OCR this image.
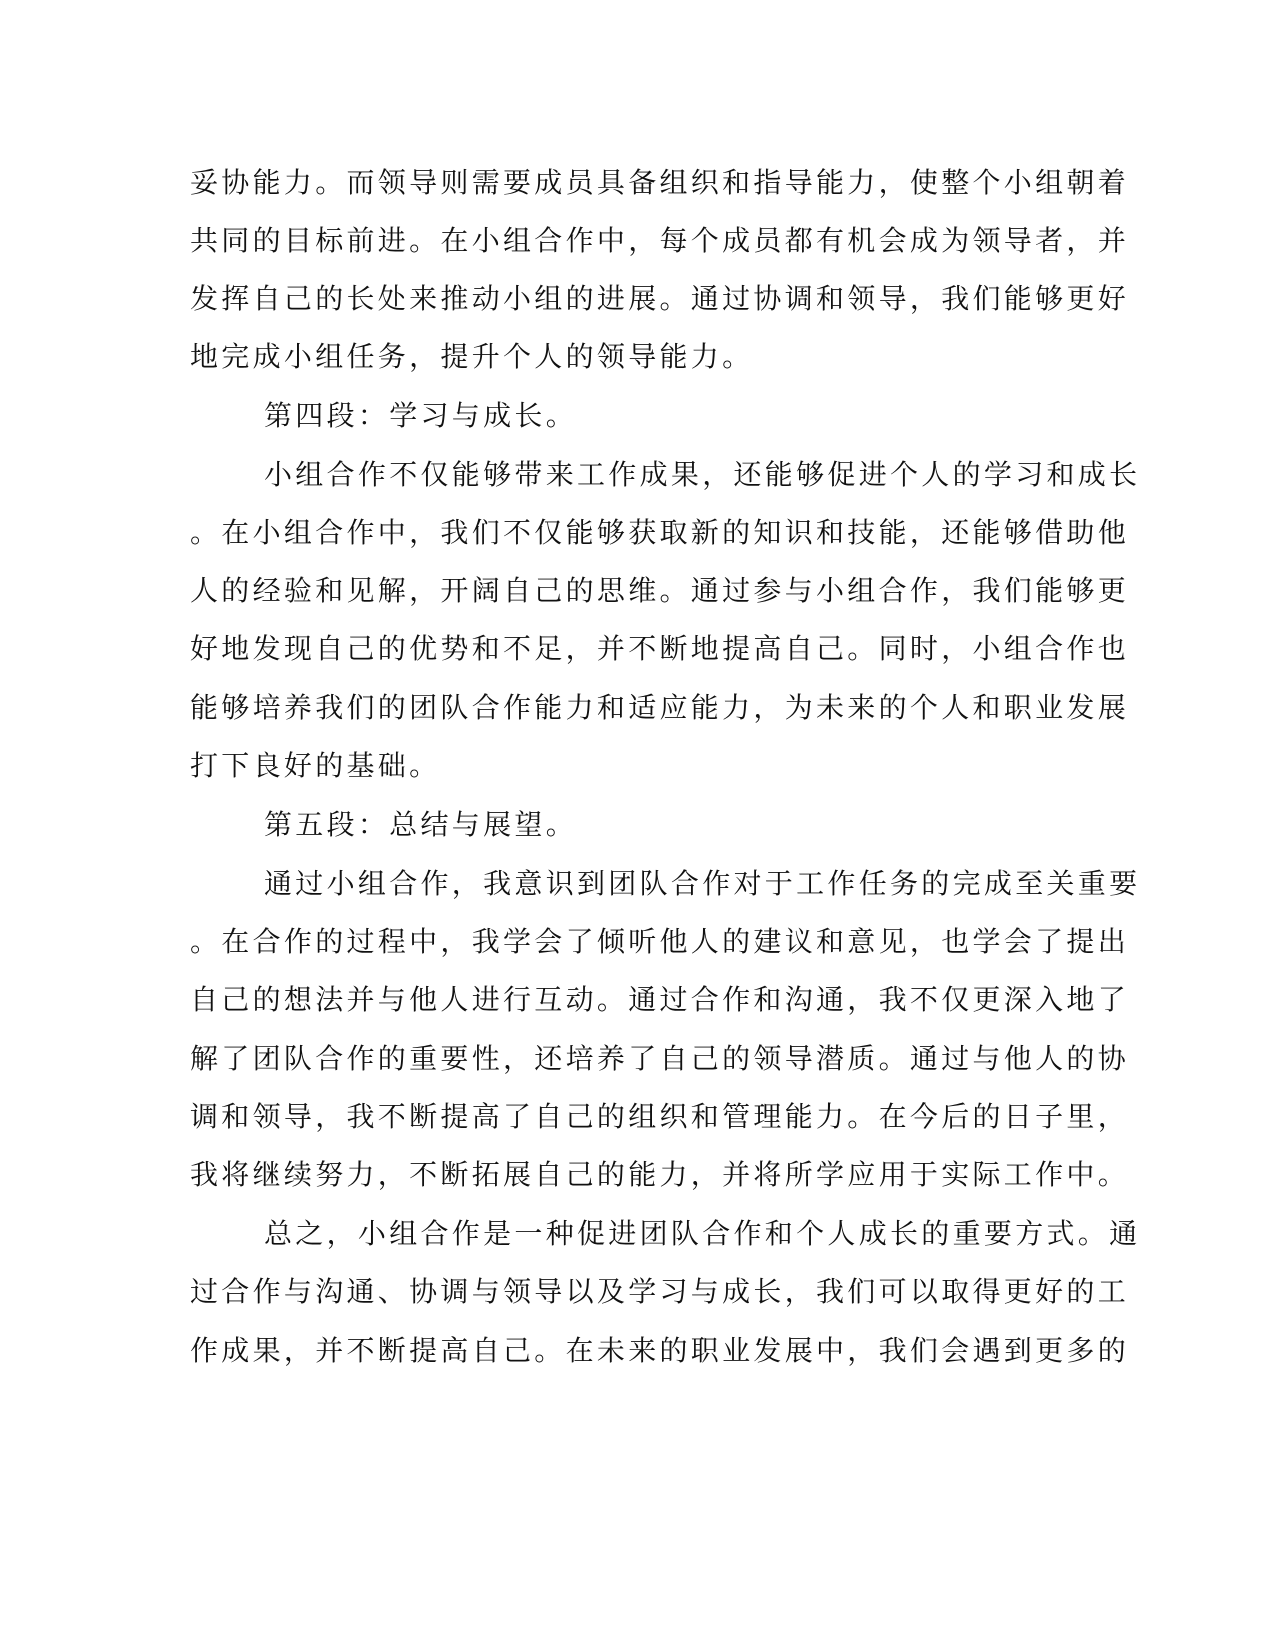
妥协能力。而领导则需要成员具备组织和指导能力，使整个小组朝着
共同的目标前进。在小组合作中，每个成员都有机会成为领导者，并
发挥自己的长处来推动小组的进展。通过协调和领导，我们能够更好
地完成小组任务，提升个人的领导能力。
第四段：学习与成长。
小组合作不仅能够带来工作成果，还能够促进个人的学习和成长
。在小组合作中，我们不仅能够获取新的知识和技能，还能够借助他
人的经验和见解，开阔自己的思维。通过参与小组合作，我们能够更
好地发现自己的优势和不足，并不断地提高自己。同时，小组合作也
能够培养我们的团队合作能力和适应能力，为未来的个人和职业发展
打下良好的基础。
第五段：总结与展望。
通过小组合作，我意识到团队合作对于工作任务的完成至关重要
。在合作的过程中，我学会了倾听他人的建议和意见，也学会了提出
自己的想法并与他人进行互动。通过合作和沟通，我不仅更深入地了
解了团队合作的重要性，还培养了自己的领导潜质。通过与他人的协
调和领导，我不断提高了自己的组织和管理能力。在今后的日子里，
我将继续努力，不断拓展自己的能力，并将所学应用于实际工作中。
总之，小组合作是一种促进团队合作和个人成长的重要方式。通
过合作与沟通、协调与领导以及学习与成长，我们可以取得更好的工
作成果，并不断提高自己。在未来的职业发展中，我们会遇到更多的
